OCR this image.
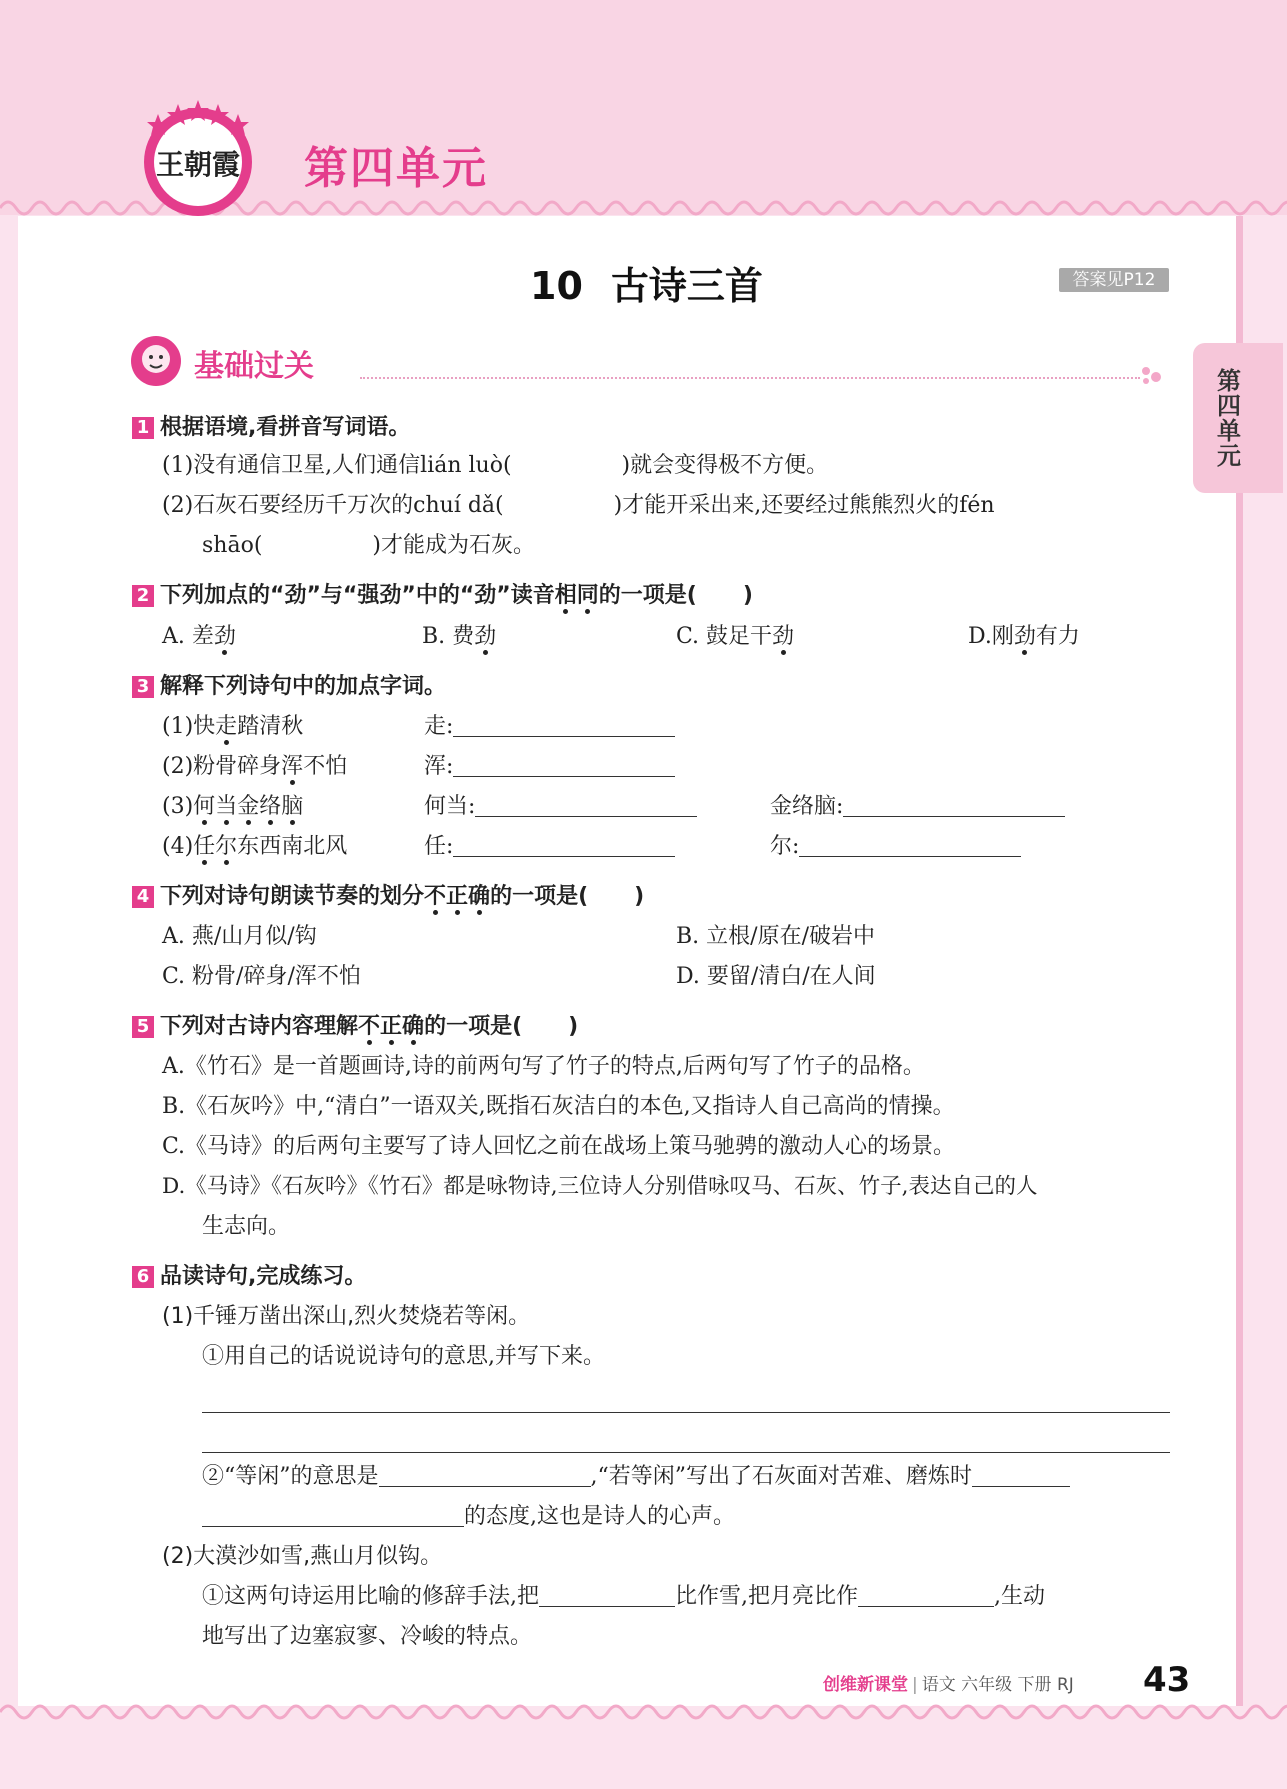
王朝霞 第四单元
第四单元
10 古诗三首	答案见P12
基础过关
1 根据语境,看拼音写词语。
(1)没有通信卫星,人们通信lián luò(	)就会变得极不方便。
(2)石灰石要经历千万次的chuí dǎ(	)才能开采出来,还要经过熊熊烈火的fén
shāo(	)才能成为石灰。
2 下列加点的“劲”与“强劲”中的“劲”读音相同的一项是( )
A. 差劲	B. 费劲	C. 鼓足干劲	D.刚劲有力
3 解释下列诗句中的加点字词。
(1)快走踏清秋	走:
(2)粉骨碎身浑不怕	浑:
(3)何当金络脑	何当:	金络脑:
(4)任尔东西南北风	任:	尔:
4 下列对诗句朗读节奏的划分不正确的一项是( )
A. 燕/山月似/钩	B. 立根/原在/破岩中
C. 粉骨/碎身/浑不怕	D. 要留/清白/在人间
5 下列对古诗内容理解不正确的一项是( )
A.《竹石》是一首题画诗,诗的前两句写了竹子的特点,后两句写了竹子的品格。
B.《石灰吟》中,“清白”一语双关,既指石灰洁白的本色,又指诗人自己高尚的情操。
C.《马诗》的后两句主要写了诗人回忆之前在战场上策马驰骋的激动人心的场景。
D.《马诗》《石灰吟》《竹石》都是咏物诗,三位诗人分别借咏叹马、石灰、竹子,表达自己的人
生志向。
6 品读诗句,完成练习。
(1)千锤万凿出深山,烈火焚烧若等闲。
①用自己的话说说诗句的意思,并写下来。
②“等闲”的意思是	,“若等闲”写出了石灰面对苦难、磨炼时
的态度,这也是诗人的心声。
(2)大漠沙如雪,燕山月似钩。
①这两句诗运用比喻的修辞手法,把	比作雪,把月亮比作	,生动
地写出了边塞寂寥、冷峻的特点。
创维新课堂 | 语文 六年级 下册 RJ 43
